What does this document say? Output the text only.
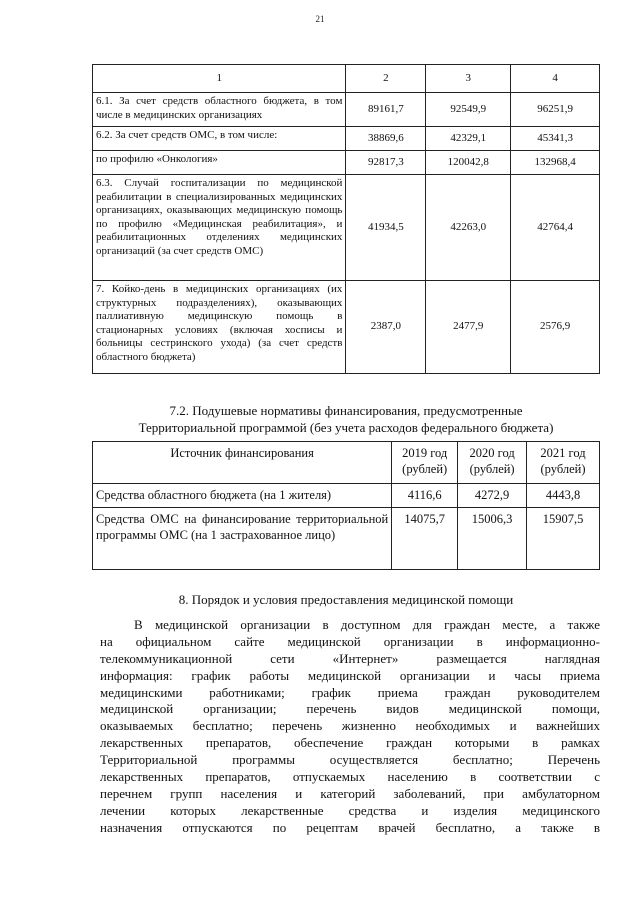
21
1	2	3	4
6.1. За счет средств областного бюджета, в том числе в медицинских организациях	89161,7	92549,9	96251,9
6.2. За счет средств ОМС, в том числе:	38869,6	42329,1	45341,3
по профилю «Онкология»	92817,3	120042,8	132968,4
6.3. Случай госпитализации по медицинской реабилитации в специализированных медицинских организациях, оказывающих медицинскую помощь по профилю «Медицинская реабилитация», и реабилитационных отделениях медицинских организаций (за счет средств ОМС)	41934,5	42263,0	42764,4
7. Койко-день в медицинских организациях (их структурных подразделениях), оказывающих паллиативную медицинскую помощь в стационарных условиях (включая хосписы и больницы сестринского ухода) (за счет средств областного бюджета)	2387,0	2477,9	2576,9
7.2. Подушевые нормативы финансирования, предусмотренные
Территориальной программой (без учета расходов федерального бюджета)
Источник финансирования	2019 год (рублей)	2020 год (рублей)	2021 год (рублей)
Средства областного бюджета (на 1 жителя)	4116,6	4272,9	4443,8
Средства ОМС на финансирование территориальной программы ОМС (на 1 застрахованное лицо)	14075,7	15006,3	15907,5
8. Порядок и условия предоставления медицинской помощи
В медицинской организации в доступном для граждан месте, а также
на официальном сайте медицинской организации в информационно-
телекоммуникационной сети «Интернет» размещается наглядная
информация: график работы медицинской организации и часы приема
медицинскими работниками; график приема граждан руководителем
медицинской организации; перечень видов медицинской помощи,
оказываемых бесплатно; перечень жизненно необходимых и важнейших
лекарственных препаратов, обеспечение граждан которыми в рамках
Территориальной программы осуществляется бесплатно; Перечень
лекарственных препаратов, отпускаемых населению в соответствии с
перечнем групп населения и категорий заболеваний, при амбулаторном
лечении которых лекарственные средства и изделия медицинского
назначения отпускаются по рецептам врачей бесплатно, а также в
